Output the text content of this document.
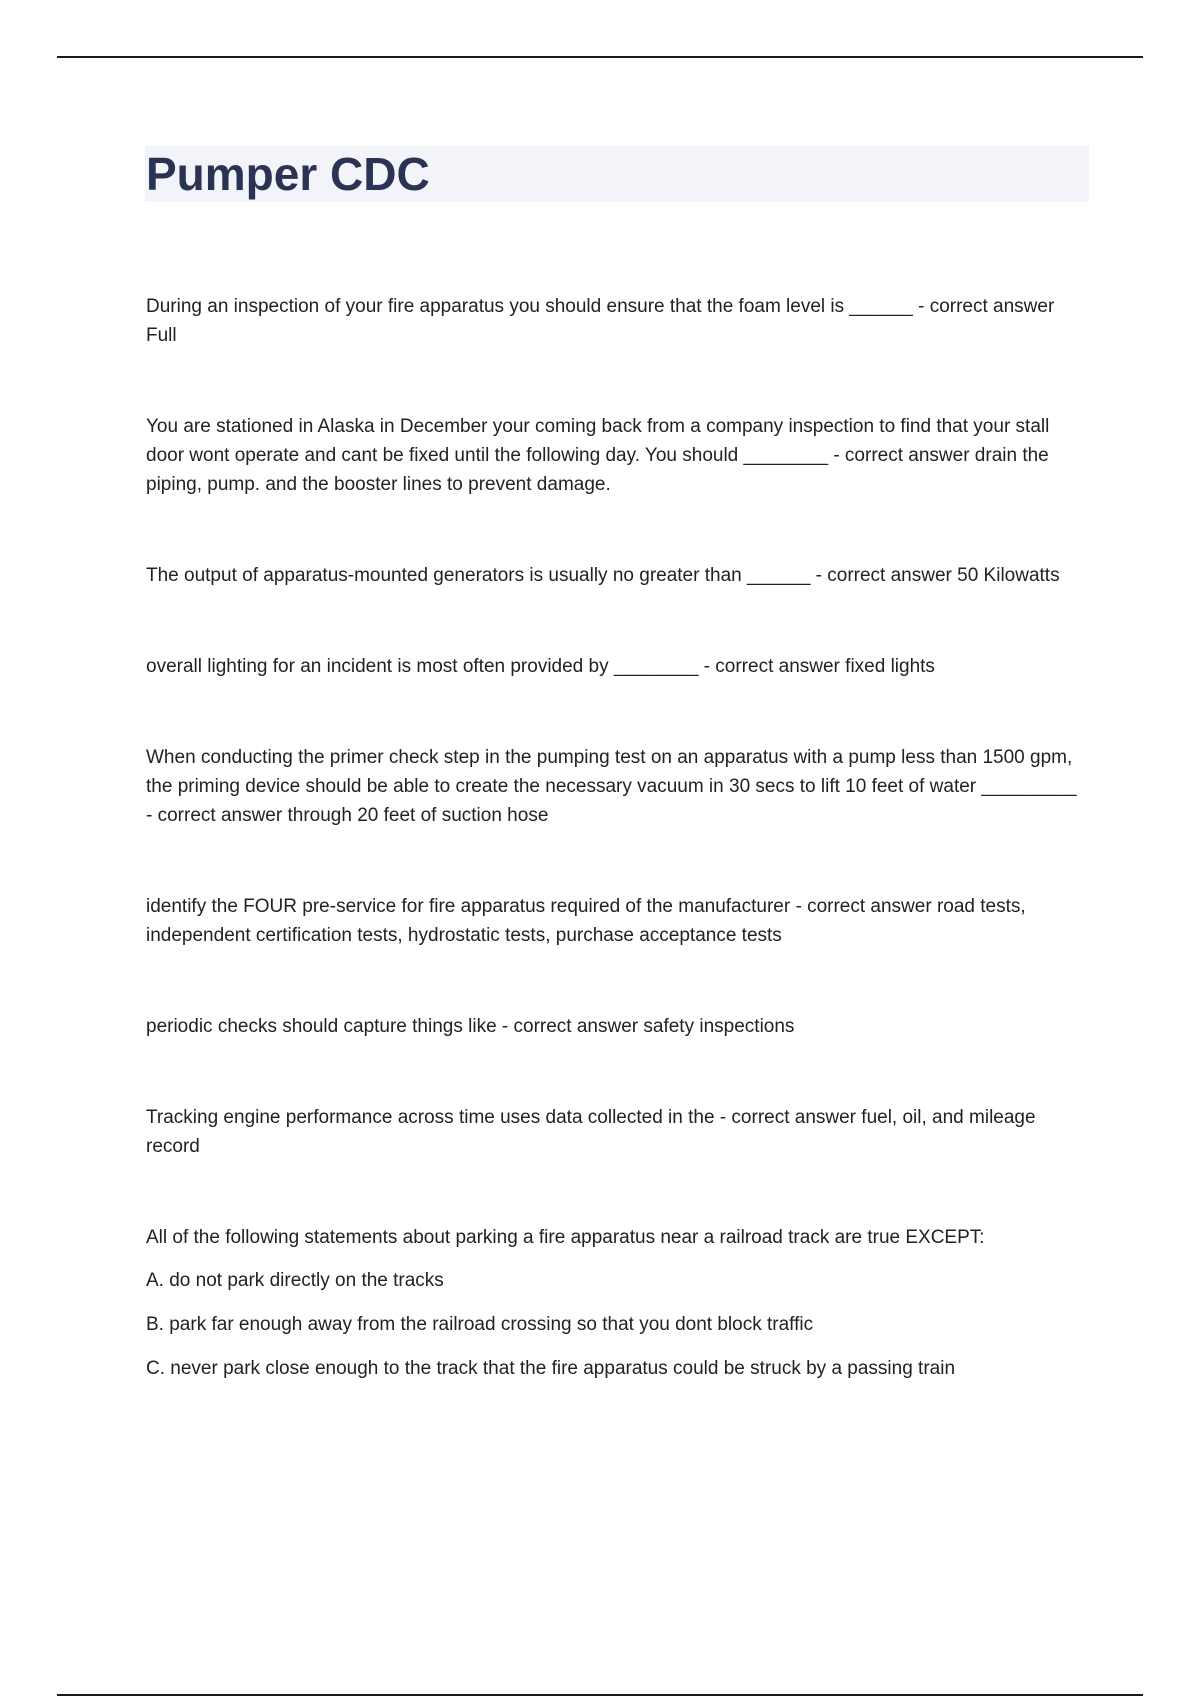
Pumper CDC

During an inspection of your fire apparatus you should ensure that the foam level is ______ - correct answer Full

You are stationed in Alaska in December your coming back from a company inspection to find that your stall door wont operate and cant be fixed until the following day. You should ________ - correct answer drain the piping, pump. and the booster lines to prevent damage.

The output of apparatus-mounted generators is usually no greater than ______ - correct answer 50 Kilowatts

overall lighting for an incident is most often provided by ________ - correct answer fixed lights

When conducting the primer check step in the pumping test on an apparatus with a pump less than 1500 gpm, the priming device should be able to create the necessary vacuum in 30 secs to lift 10 feet of water _________ - correct answer through 20 feet of suction hose

identify the FOUR pre-service for fire apparatus required of the manufacturer - correct answer road tests, independent certification tests, hydrostatic tests, purchase acceptance tests

periodic checks should capture things like - correct answer safety inspections

Tracking engine performance across time uses data collected in the - correct answer fuel, oil, and mileage record

All of the following statements about parking a fire apparatus near a railroad track are true EXCEPT:

A. do not park directly on the tracks

B. park far enough away from the railroad crossing so that you dont block traffic

C. never park close enough to the track that the fire apparatus could be struck by a passing train
